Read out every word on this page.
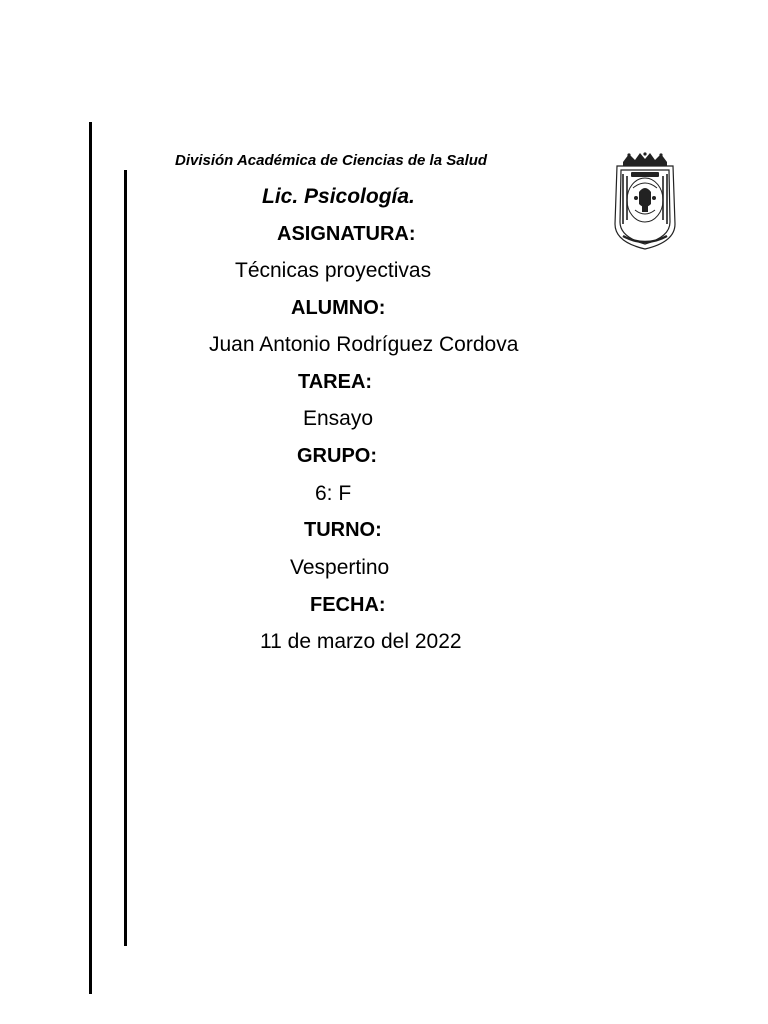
División Académica de Ciencias de la Salud
Lic. Psicología.
ASIGNATURA:
Técnicas proyectivas
ALUMNO:
Juan Antonio Rodríguez Cordova
TAREA:
Ensayo
GRUPO:
6: F
TURNO:
Vespertino
FECHA:
11 de marzo del 2022
